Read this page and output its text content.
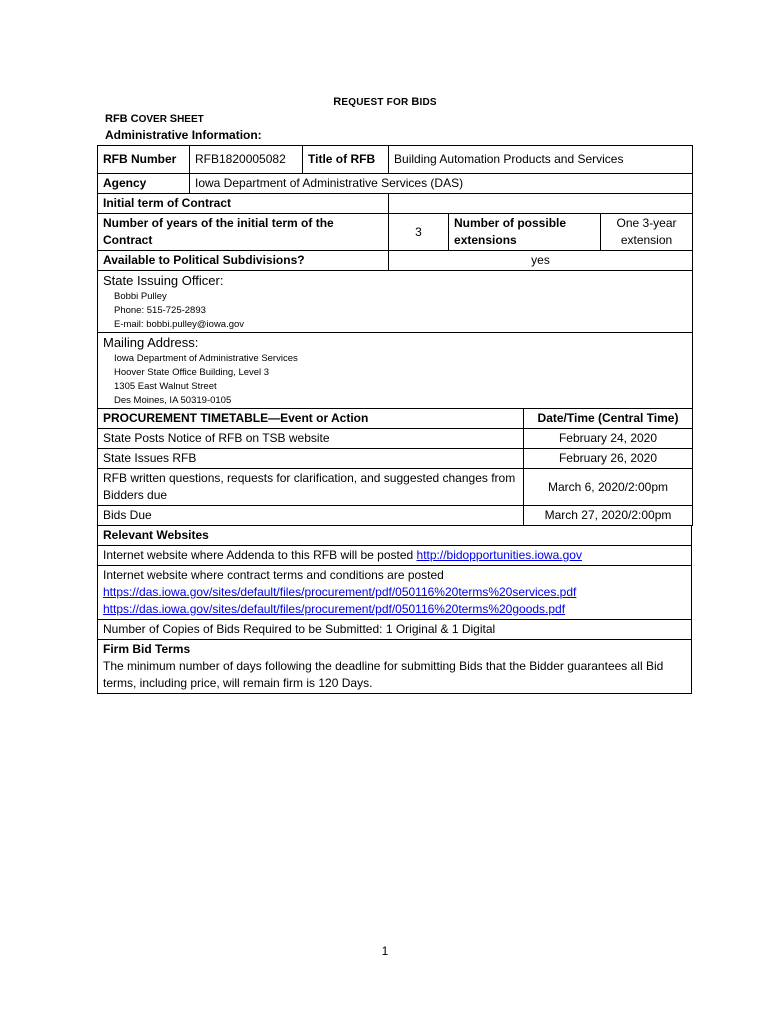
REQUEST FOR BIDS
RFB COVER SHEET
Administrative Information:
RFB Number	RFB1820005082	Title of RFB	Building Automation Products and Services		
Agency	Iowa Department of Administrative Services (DAS)				
Initial term of Contract					
Number of years of the initial term of the Contract			3	Number of possible extensions	One 3-year extension
Available to Political Subdivisions?			yes		

State Issuing Officer:
Bobbi Pulley
Phone: 515-725-2893
E-mail: bobbi.pulley@iowa.gov					

Mailing Address:
Iowa Department of Administrative Services
Hoover State Office Building, Level 3
1305 East Walnut Street
Des Moines, IA 50319-0105					
PROCUREMENT TIMETABLE—Event or Action	Date/Time (Central Time)
State Posts Notice of RFB on TSB website	February 24, 2020
State Issues RFB	February 26, 2020
RFB written questions, requests for clarification, and suggested changes from Bidders due	March 6, 2020/2:00pm
Bids Due	March 27, 2020/2:00pm
Relevant Websites
Internet website where Addenda to this RFB will be posted http://bidopportunities.iowa.gov

Internet website where contract terms and conditions are posted
https://das.iowa.gov/sites/default/files/procurement/pdf/050116%20terms%20services.pdf
https://das.iowa.gov/sites/default/files/procurement/pdf/050116%20terms%20goods.pdf

Number of Copies of Bids Required to be Submitted: 1 Original & 1 Digital

Firm Bid Terms
The minimum number of days following the deadline for submitting Bids that the Bidder guarantees all Bid terms, including price, will remain firm is 120 Days.
1
